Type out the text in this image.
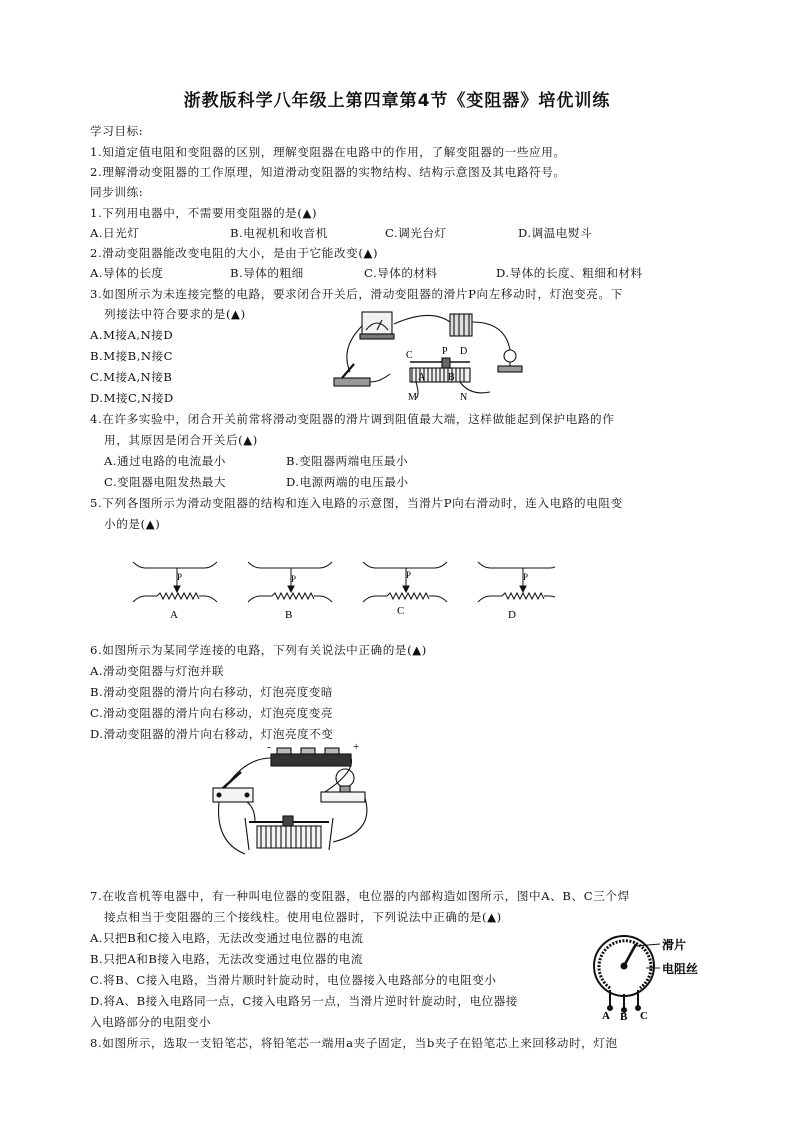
浙教版科学八年级上第四章第4节《变阻器》培优训练
学习目标:
1.知道定值电阻和变阻器的区别，理解变阻器在电路中的作用，了解变阻器的一些应用。
2.理解滑动变阻器的工作原理，知道滑动变阻器的实物结构、结构示意图及其电路符号。
同步训练:
1.下列用电器中，不需要用变阻器的是(▲)
A.日光灯	B.电视机和收音机	C.调光台灯	D.调温电熨斗
2.滑动变阻器能改变电阻的大小，是由于它能改变(▲)
A.导体的长度	B.导体的粗细	C.导体的材料	D.导体的长度、粗细和材料
3.如图所示为未连接完整的电路，要求闭合开关后，滑动变阻器的滑片P向左移动时，灯泡变亮。下
列接法中符合要求的是(▲)
A.M接A,N接D
B.M接B,N接C
C.M接A,N接B
D.M接C,N接D
C	P D
A B
M	N
4.在许多实验中，闭合开关前常将滑动变阻器的滑片调到阻值最大端，这样做能起到保护电路的作
用，其原因是闭合开关后(▲)
A.通过电路的电流最小	B.变阻器两端电压最小
C.变阻器电阻发热最大	D.电源两端的电压最小
5.下列各图所示为滑动变阻器的结构和连入电路的示意图，当滑片P向右滑动时，连入电路的电阻变
小的是(▲)
A	B	C	D
P	P	P	P
6.如图所示为某同学连接的电路，下列有关说法中正确的是(▲)
A.滑动变阻器与灯泡并联
B.滑动变阻器的滑片向右移动，灯泡亮度变暗
C.滑动变阻器的滑片向右移动，灯泡亮度变亮
D.滑动变阻器的滑片向右移动，灯泡亮度不变
-	+
7.在收音机等电器中，有一种叫电位器的变阻器，电位器的内部构造如图所示，图中A、B、C三个焊
接点相当于变阻器的三个接线柱。使用电位器时，下列说法中正确的是(▲)
A.只把B和C接入电路，无法改变通过电位器的电流
B.只把A和B接入电路，无法改变通过电位器的电流
C.将B、C接入电路，当滑片顺时针旋动时，电位器接入电路部分的电阻变小
D.将A、B接入电路同一点，C接入电路另一点，当滑片逆时针旋动时，电位器接
入电路部分的电阻变小
滑片
电阻丝
A B C
8.如图所示，选取一支铅笔芯，将铅笔芯一端用a夹子固定，当b夹子在铅笔芯上来回移动时，灯泡
